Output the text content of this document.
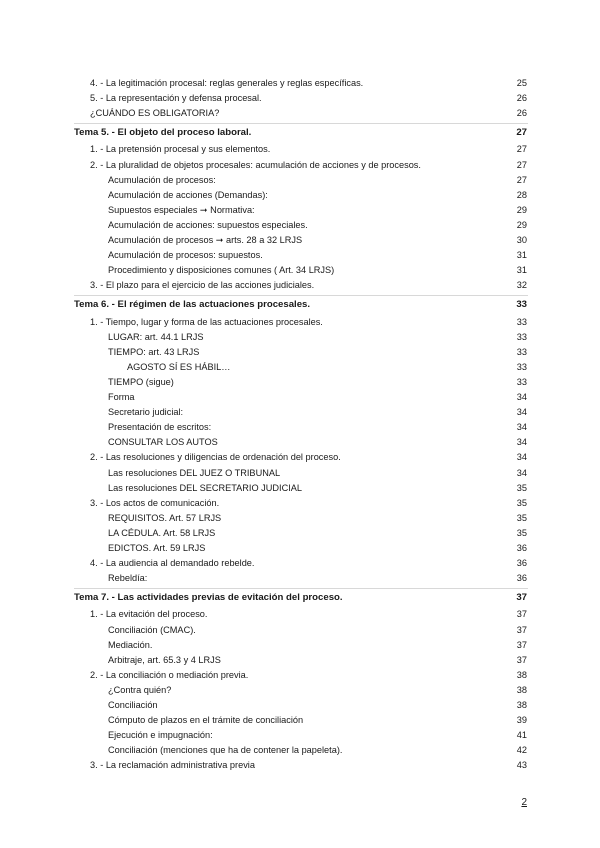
4. - La legitimación procesal: reglas generales y reglas específicas.	25
5. - La representación y defensa procesal.	26
¿CUÁNDO ES OBLIGATORIA?	26
Tema 5. - El objeto del proceso laboral.	27
1. - La pretensión procesal y sus elementos.	27
2. - La pluralidad de objetos procesales: acumulación de acciones y de procesos.	27
Acumulación de procesos:	27
Acumulación de acciones (Demandas):	28
Supuestos especiales ➞ Normativa:	29
Acumulación de acciones: supuestos especiales.	29
Acumulación de procesos ➞ arts. 28 a 32 LRJS	30
Acumulación de procesos: supuestos.	31
Procedimiento y disposiciones comunes ( Art. 34 LRJS)	31
3. - El plazo para el ejercicio de las acciones judiciales.	32
Tema 6. - El régimen de las actuaciones procesales.	33
1. - Tiempo, lugar y forma de las actuaciones procesales.	33
LUGAR: art. 44.1 LRJS	33
TIEMPO: art. 43 LRJS	33
AGOSTO SÍ ES HÁBIL…	33
TIEMPO (sigue)	33
Forma	34
Secretario judicial:	34
Presentación de escritos:	34
CONSULTAR LOS AUTOS	34
2. - Las resoluciones y diligencias de ordenación del proceso.	34
Las resoluciones DEL JUEZ O TRIBUNAL	34
Las resoluciones DEL SECRETARIO JUDICIAL	35
3. - Los actos de comunicación.	35
REQUISITOS. Art. 57 LRJS	35
LA CÉDULA. Art. 58 LRJS	35
EDICTOS. Art. 59 LRJS	36
4. - La audiencia al demandado rebelde.	36
Rebeldía:	36
Tema 7. - Las actividades previas de evitación del proceso.	37
1. - La evitación del proceso.	37
Conciliación (CMAC).	37
Mediación.	37
Arbitraje, art. 65.3 y 4 LRJS	37
2. - La conciliación o mediación previa.	38
¿Contra quién?	38
Conciliación	38
Cómputo de plazos en el trámite de conciliación	39
Ejecución e impugnación:	41
Conciliación (menciones que ha de contener la papeleta).	42
3. - La reclamación administrativa previa	43
2
